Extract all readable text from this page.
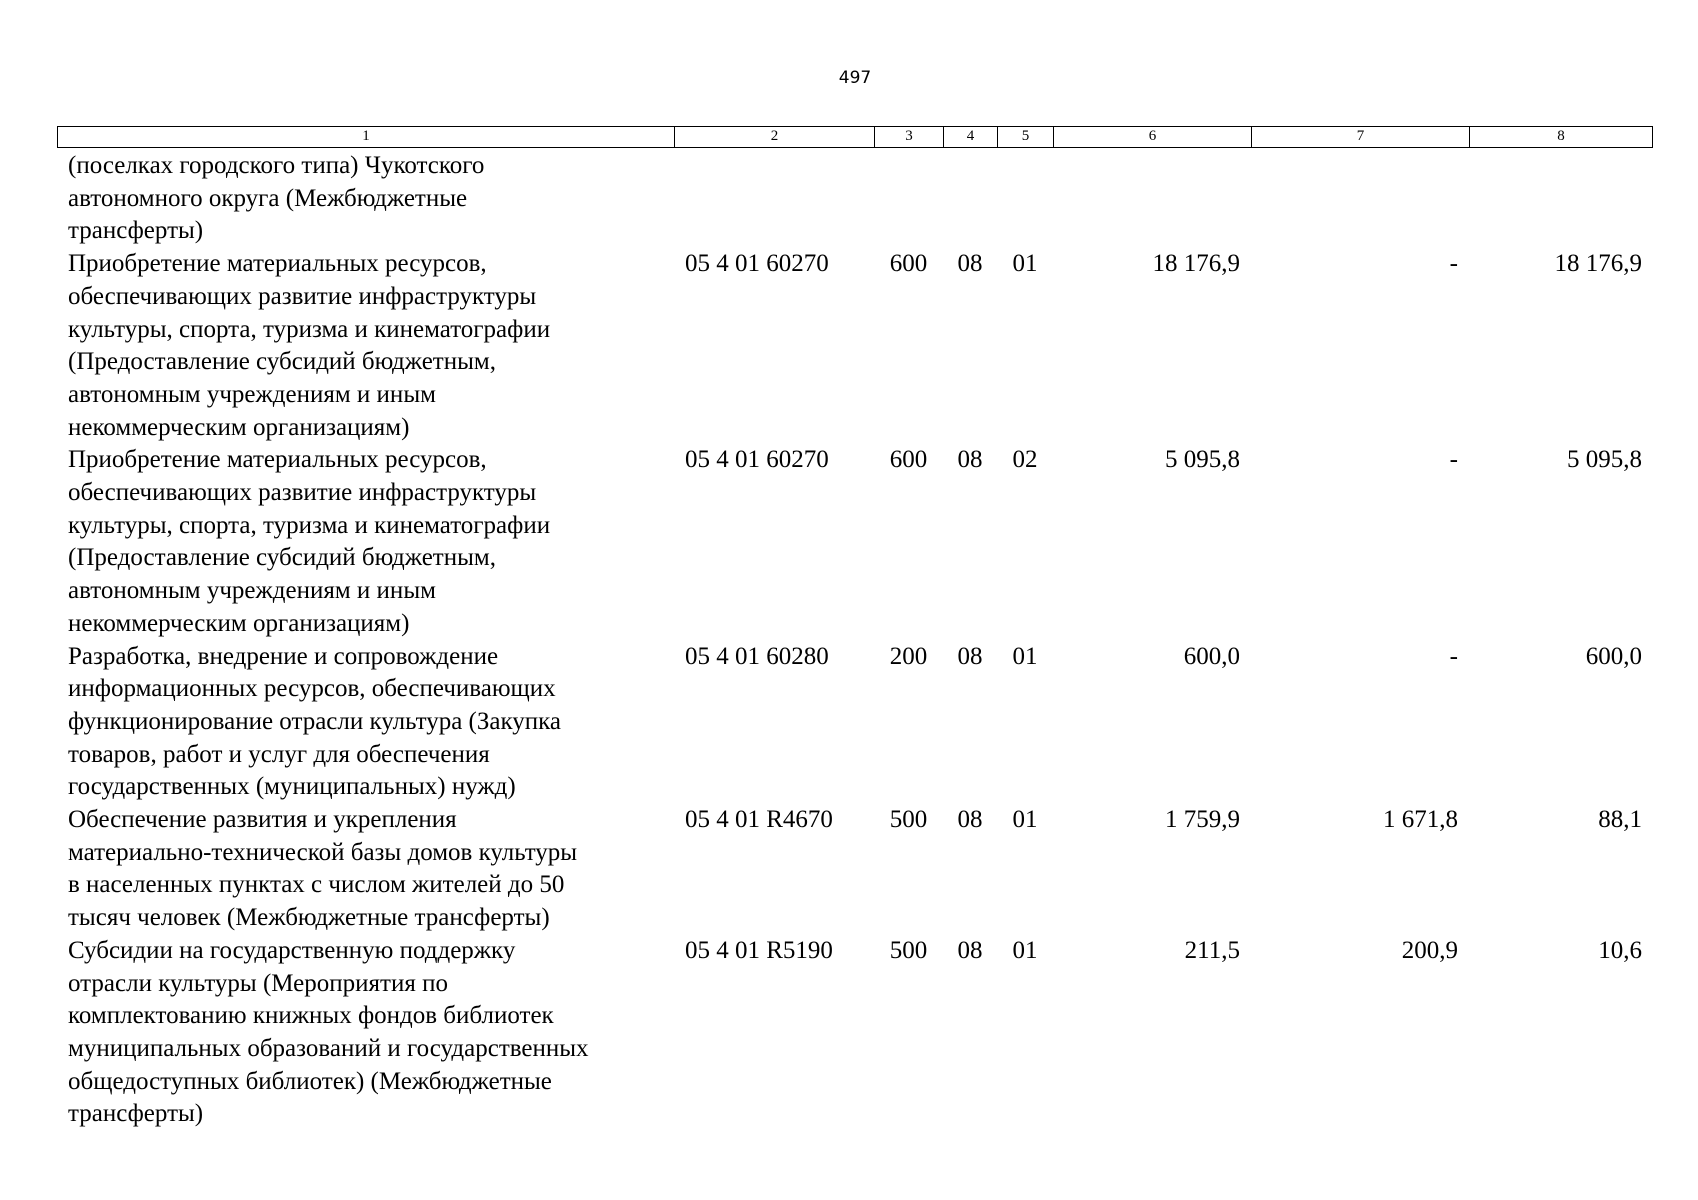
497
1	2	3	4	5	6	7	8
(поселках городского типа) Чукотского
автономного округа (Межбюджетные
трансферты)
Приобретение материальных ресурсов,
обеспечивающих развитие инфраструктуры
культуры, спорта, туризма и кинематографии
(Предоставление субсидий бюджетным,
автономным учреждениям и иным
некоммерческим организациям)
05 4 01 60270	600	08	01	18 176,9	-	18 176,9
Приобретение материальных ресурсов,
обеспечивающих развитие инфраструктуры
культуры, спорта, туризма и кинематографии
(Предоставление субсидий бюджетным,
автономным учреждениям и иным
некоммерческим организациям)
05 4 01 60270	600	08	02	5 095,8	-	5 095,8
Разработка, внедрение и сопровождение
информационных ресурсов, обеспечивающих
функционирование отрасли культура (Закупка
товаров, работ и услуг для обеспечения
государственных (муниципальных) нужд)
05 4 01 60280	200	08	01	600,0	-	600,0
Обеспечение развития и укрепления
материально-технической базы домов культуры
в населенных пунктах с числом жителей до 50
тысяч человек (Межбюджетные трансферты)
05 4 01 R4670	500	08	01	1 759,9	1 671,8	88,1
Субсидии на государственную поддержку
отрасли культуры (Мероприятия по
комплектованию книжных фондов библиотек
муниципальных образований и государственных
общедоступных библиотек) (Межбюджетные
трансферты)
05 4 01 R5190	500	08	01	211,5	200,9	10,6
